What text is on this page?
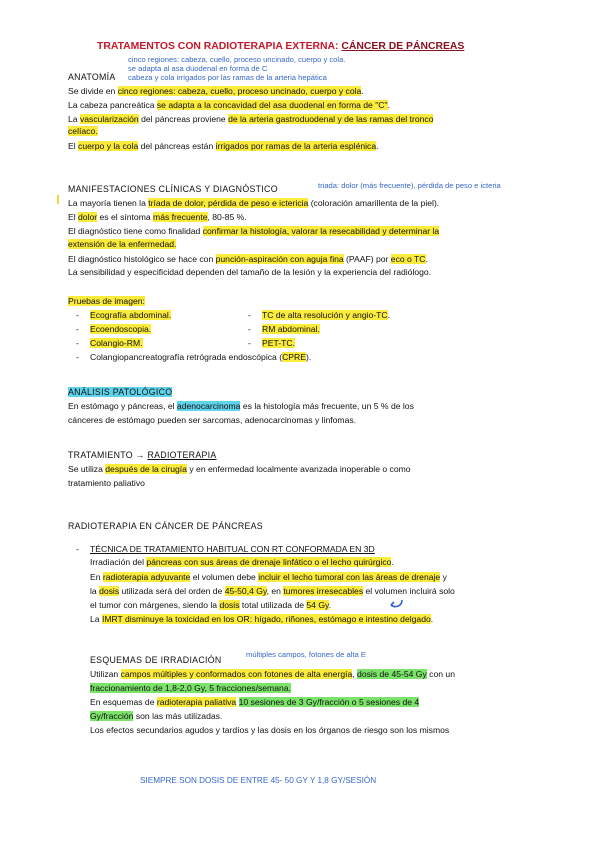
TRATAMENTOS CON RADIOTERAPIA EXTERNA: CÁNCER DE PÁNCREAS
cinco regiones: cabeza, cuello, proceso uncinado, cuerpo y cola.
se adapta al asa duodenal en forma de C
cabeza y cola irrigados por las ramas de la arteria hepática
ANATOMÍA
Se divide en cinco regiones: cabeza, cuello, proceso uncinado, cuerpo y cola.
La cabeza pancreática se adapta a la concavidad del asa duodenal en forma de "C".
La vascularización del páncreas proviene de la arteria gastroduodenal y de las ramas del tronco
celíaco.
El cuerpo y la cola del páncreas están irrigados por ramas de la arteria esplénica.
MANIFESTACIONES CLÍNICAS Y DIAGNÓSTICO	triada: dolor (más frecuente), pérdida de peso e icteria
La mayoría tienen la tríada de dolor, pérdida de peso e ictericia (coloración amarillenta de la piel).
El dolor es el síntoma más frecuente, 80-85 %.
El diagnóstico tiene como finalidad confirmar la histología, valorar la resecabilidad y determinar la
extensión de la enfermedad.
El diagnóstico histológico se hace con punción-aspiración con aguja fina (PAAF) por eco o TC.
La sensibilidad y especificidad dependen del tamaño de la lesión y la experiencia del radiólogo.
Pruebas de imagen:
- Ecografía abdominal.	- TC de alta resolución y angio-TC.
- Ecoendoscopia.	- RM abdominal.
- Colangio-RM.	- PET-TC.
- Colangiopancreatografía retrógrada endoscópica (CPRE).
ANÁLISIS PATOLÓGICO
En estómago y páncreas, el adenocarcinoma es la histología más frecuente, un 5 % de los
cánceres de estómago pueden ser sarcomas, adenocarcinomas y linfomas.
TRATAMIENTO → RADIOTERAPIA
Se utiliza después de la cirugía y en enfermedad localmente avanzada inoperable o como
tratamiento paliativo
RADIOTERAPIA EN CÁNCER DE PÁNCREAS
- TÉCNICA DE TRATAMIENTO HABITUAL CON RT CONFORMADA EN 3D
Irradiación del páncreas con sus áreas de drenaje linfático o el lecho quirúrgico.
En radioterapia adyuvante el volumen debe incluir el lecho tumoral con las áreas de drenaje y
la dosis utilizada será del orden de 45-50,4 Gy, en tumores irresecables el volumen incluirá solo
el tumor con márgenes, siendo la dosis total utilizada de 54 Gy.
La IMRT disminuye la toxicidad en los OR: hígado, riñones, estómago e intestino delgado.
ESQUEMAS DE IRRADIACIÓN
múltiples campos, fotones de alta E
Utilizan campos múltiples y conformados con fotones de alta energía, dosis de 45-54 Gy con un
fraccionamiento de 1,8-2,0 Gy, 5 fracciones/semana.
En esquemas de radioterapia paliativa 10 sesiones de 3 Gy/fracción o 5 sesiones de 4
Gy/fracción son las más utilizadas.
Los efectos secundarios agudos y tardíos y las dosis en los órganos de riesgo son los mismos
SIEMPRE SON DOSIS DE ENTRE 45- 50 GY Y 1,8 GY/SESIÓN
